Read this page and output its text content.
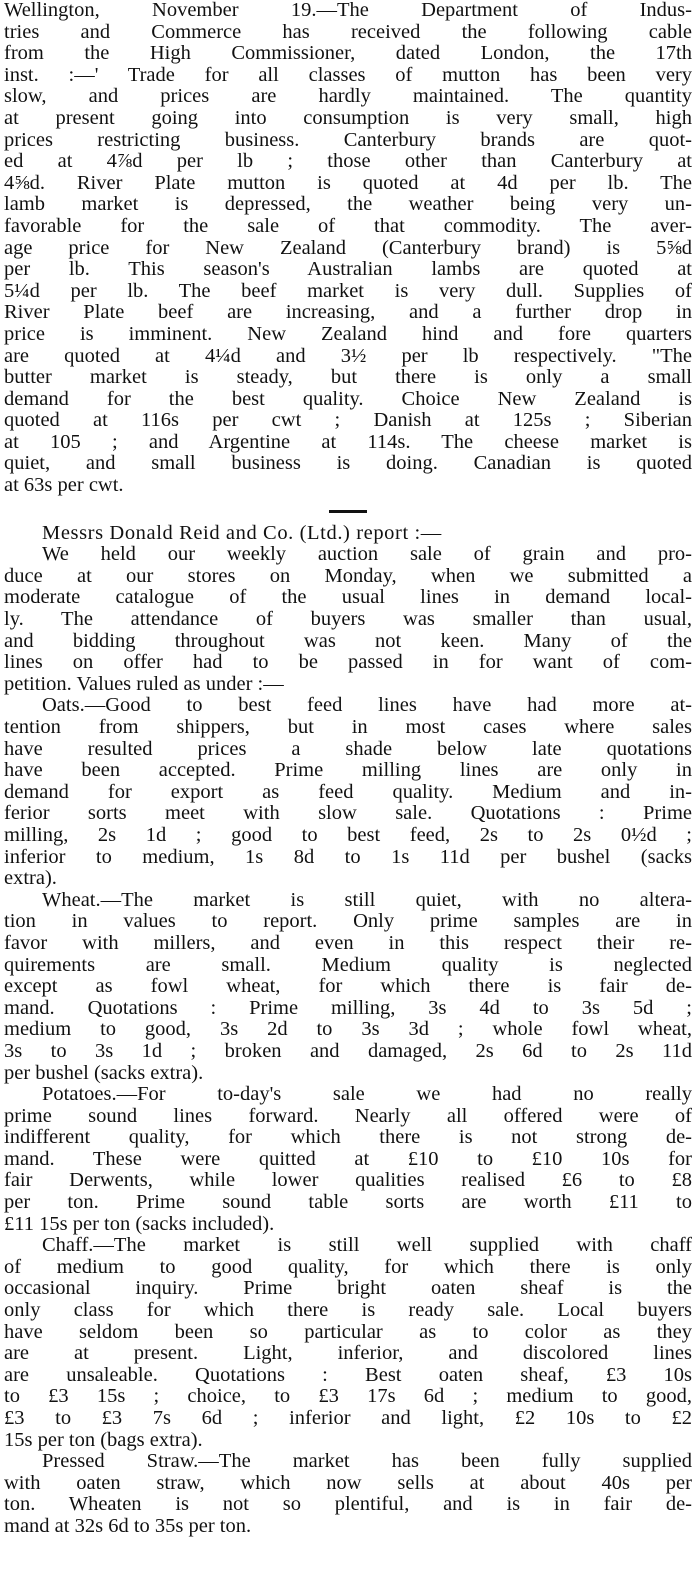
Wellington, November 19.—The Department of Indus-
tries and Commerce has received the following cable
from the High Commissioner, dated London, the 17th
inst. :—' Trade for all classes of mutton has been very
slow, and prices are hardly maintained. The quantity
at present going into consumption is very small, high
prices restricting business. Canterbury brands are quot-
ed at 4⅞d per lb ; those other than Canterbury at
4⅝d. River Plate mutton is quoted at 4d per lb. The
lamb market is depressed, the weather being very un-
favorable for the sale of that commodity. The aver-
age price for New Zealand (Canterbury brand) is 5⅝d
per lb. This season's Australian lambs are quoted at
5¼d per lb. The beef market is very dull. Supplies of
River Plate beef are increasing, and a further drop in
price is imminent. New Zealand hind and fore quarters
are quoted at 4¼d and 3½ per lb respectively. "The
butter market is steady, but there is only a small
demand for the best quality. Choice New Zealand is
quoted at 116s per cwt ; Danish at 125s ; Siberian
at 105 ; and Argentine at 114s. The cheese market is
quiet, and small business is doing. Canadian is quoted
at 63s per cwt.
Messrs Donald Reid and Co. (Ltd.) report :—
We held our weekly auction sale of grain and pro-
duce at our stores on Monday, when we submitted a
moderate catalogue of the usual lines in demand local-
ly. The attendance of buyers was smaller than usual,
and bidding throughout was not keen. Many of the
lines on offer had to be passed in for want of com-
petition. Values ruled as under :—
Oats.—Good to best feed lines have had more at-
tention from shippers, but in most cases where sales
have resulted prices a shade below late quotations
have been accepted. Prime milling lines are only in
demand for export as feed quality. Medium and in-
ferior sorts meet with slow sale. Quotations : Prime
milling, 2s 1d ; good to best feed, 2s to 2s 0½d ;
inferior to medium, 1s 8d to 1s 11d per bushel (sacks
extra).
Wheat.—The market is still quiet, with no altera-
tion in values to report. Only prime samples are in
favor with millers, and even in this respect their re-
quirements are small. Medium quality is neglected
except as fowl wheat, for which there is fair de-
mand. Quotations : Prime milling, 3s 4d to 3s 5d ;
medium to good, 3s 2d to 3s 3d ; whole fowl wheat,
3s to 3s 1d ; broken and damaged, 2s 6d to 2s 11d
per bushel (sacks extra).
Potatoes.—For to-day's sale we had no really
prime sound lines forward. Nearly all offered were of
indifferent quality, for which there is not strong de-
mand. These were quitted at £10 to £10 10s for
fair Derwents, while lower qualities realised £6 to £8
per ton. Prime sound table sorts are worth £11 to
£11 15s per ton (sacks included).
Chaff.—The market is still well supplied with chaff
of medium to good quality, for which there is only
occasional inquiry. Prime bright oaten sheaf is the
only class for which there is ready sale. Local buyers
have seldom been so particular as to color as they
are at present. Light, inferior, and discolored lines
are unsaleable. Quotations : Best oaten sheaf, £3 10s
to £3 15s ; choice, to £3 17s 6d ; medium to good,
£3 to £3 7s 6d ; inferior and light, £2 10s to £2
15s per ton (bags extra).
Pressed Straw.—The market has been fully supplied
with oaten straw, which now sells at about 40s per
ton. Wheaten is not so plentiful, and is in fair de-
mand at 32s 6d to 35s per ton.
